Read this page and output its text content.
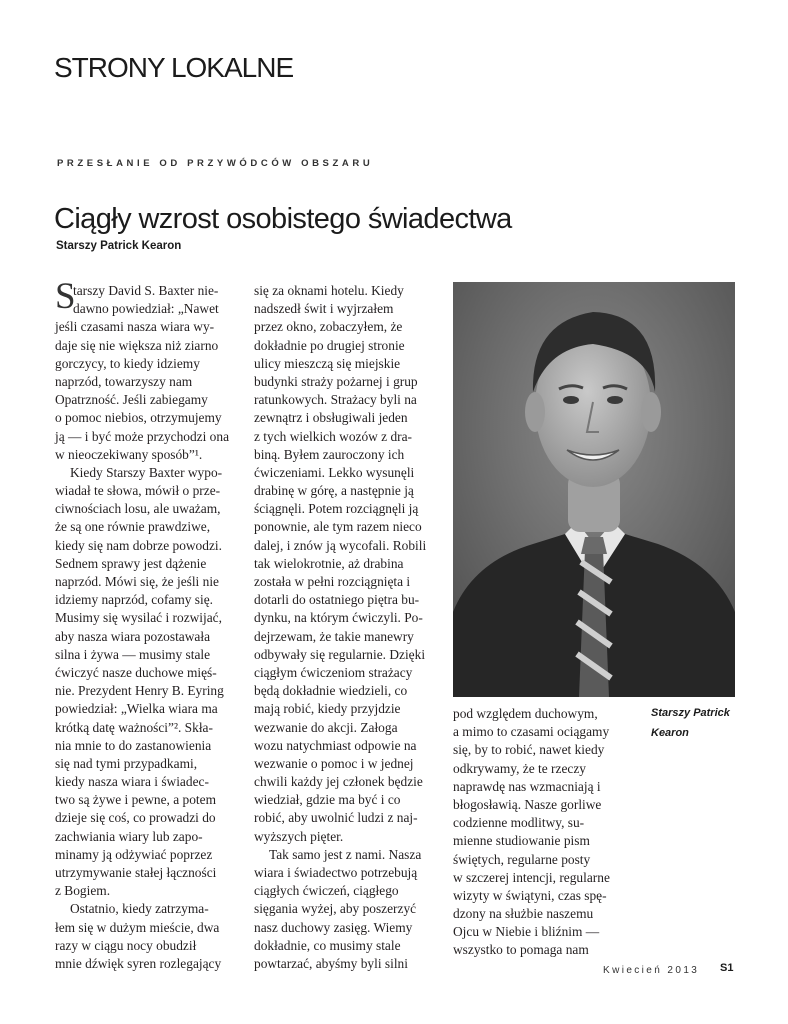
STRONY LOKALNE
PRZESŁANIE OD PRZYWÓDCÓW OBSZARU
Ciągły wzrost osobistego świadectwa
Starszy Patrick Kearon
S
tarszy David S. Baxter nie-
dawno powiedział: „Nawet
jeśli czasami nasza wiara wy-
daje się nie większa niż ziarno
gorczycy, to kiedy idziemy
naprzód, towarzyszy nam
Opatrzność. Jeśli zabiegamy
o pomoc niebios, otrzymujemy
ją — i być może przychodzi ona
w nieoczekiwany sposób”¹.
Kiedy Starszy Baxter wypo-
wiadał te słowa, mówił o prze-
ciwnościach losu, ale uważam,
że są one równie prawdziwe,
kiedy się nam dobrze powodzi.
Sednem sprawy jest dążenie
naprzód. Mówi się, że jeśli nie
idziemy naprzód, cofamy się.
Musimy się wysilać i rozwijać,
aby nasza wiara pozostawała
silna i żywa — musimy stale
ćwiczyć nasze duchowe mięś-
nie. Prezydent Henry B. Eyring
powiedział: „Wielka wiara ma
krótką datę ważności”². Skła-
nia mnie to do zastanowienia
się nad tymi przypadkami,
kiedy nasza wiara i świadec-
two są żywe i pewne, a potem
dzieje się coś, co prowadzi do
zachwiania wiary lub zapo-
minamy ją odżywiać poprzez
utrzymywanie stałej łączności
z Bogiem.
Ostatnio, kiedy zatrzyma-
łem się w dużym mieście, dwa
razy w ciągu nocy obudził
mnie dźwięk syren rozlegający
się za oknami hotelu. Kiedy
nadszedł świt i wyjrzałem
przez okno, zobaczyłem, że
dokładnie po drugiej stronie
ulicy mieszczą się miejskie
budynki straży pożarnej i grup
ratunkowych. Strażacy byli na
zewnątrz i obsługiwali jeden
z tych wielkich wozów z dra-
biną. Byłem zauroczony ich
ćwiczeniami. Lekko wysunęli
drabinę w górę, a następnie ją
ściągnęli. Potem rozciągnęli ją
ponownie, ale tym razem nieco
dalej, i znów ją wycofali. Robili
tak wielokrotnie, aż drabina
została w pełni rozciągnięta i
dotarli do ostatniego piętra bu-
dynku, na którym ćwiczyli. Po-
dejrzewam, że takie manewry
odbywały się regularnie. Dzięki
ciągłym ćwiczeniom strażacy
będą dokładnie wiedzieli, co
mają robić, kiedy przyjdzie
wezwanie do akcji. Załoga
wozu natychmiast odpowie na
wezwanie o pomoc i w jednej
chwili każdy jej członek będzie
wiedział, gdzie ma być i co
robić, aby uwolnić ludzi z naj-
wyższych pięter.
Tak samo jest z nami. Nasza
wiara i świadectwo potrzebują
ciągłych ćwiczeń, ciągłego
sięgania wyżej, aby poszerzyć
nasz duchowy zasięg. Wiemy
dokładnie, co musimy stale
powtarzać, abyśmy byli silni
pod względem duchowym,
a mimo to czasami ociągamy
się, by to robić, nawet kiedy
odkrywamy, że te rzeczy
naprawdę nas wzmacniają i
błogosławią. Nasze gorliwe
codzienne modlitwy, su-
mienne studiowanie pism
świętych, regularne posty
w szczerej intencji, regularne
wizyty w świątyni, czas spę-
dzony na służbie naszemu
Ojcu w Niebie i bliźnim —
wszystko to pomaga nam
Starszy Patrick
Kearon
Kwiecień 2013 S1
